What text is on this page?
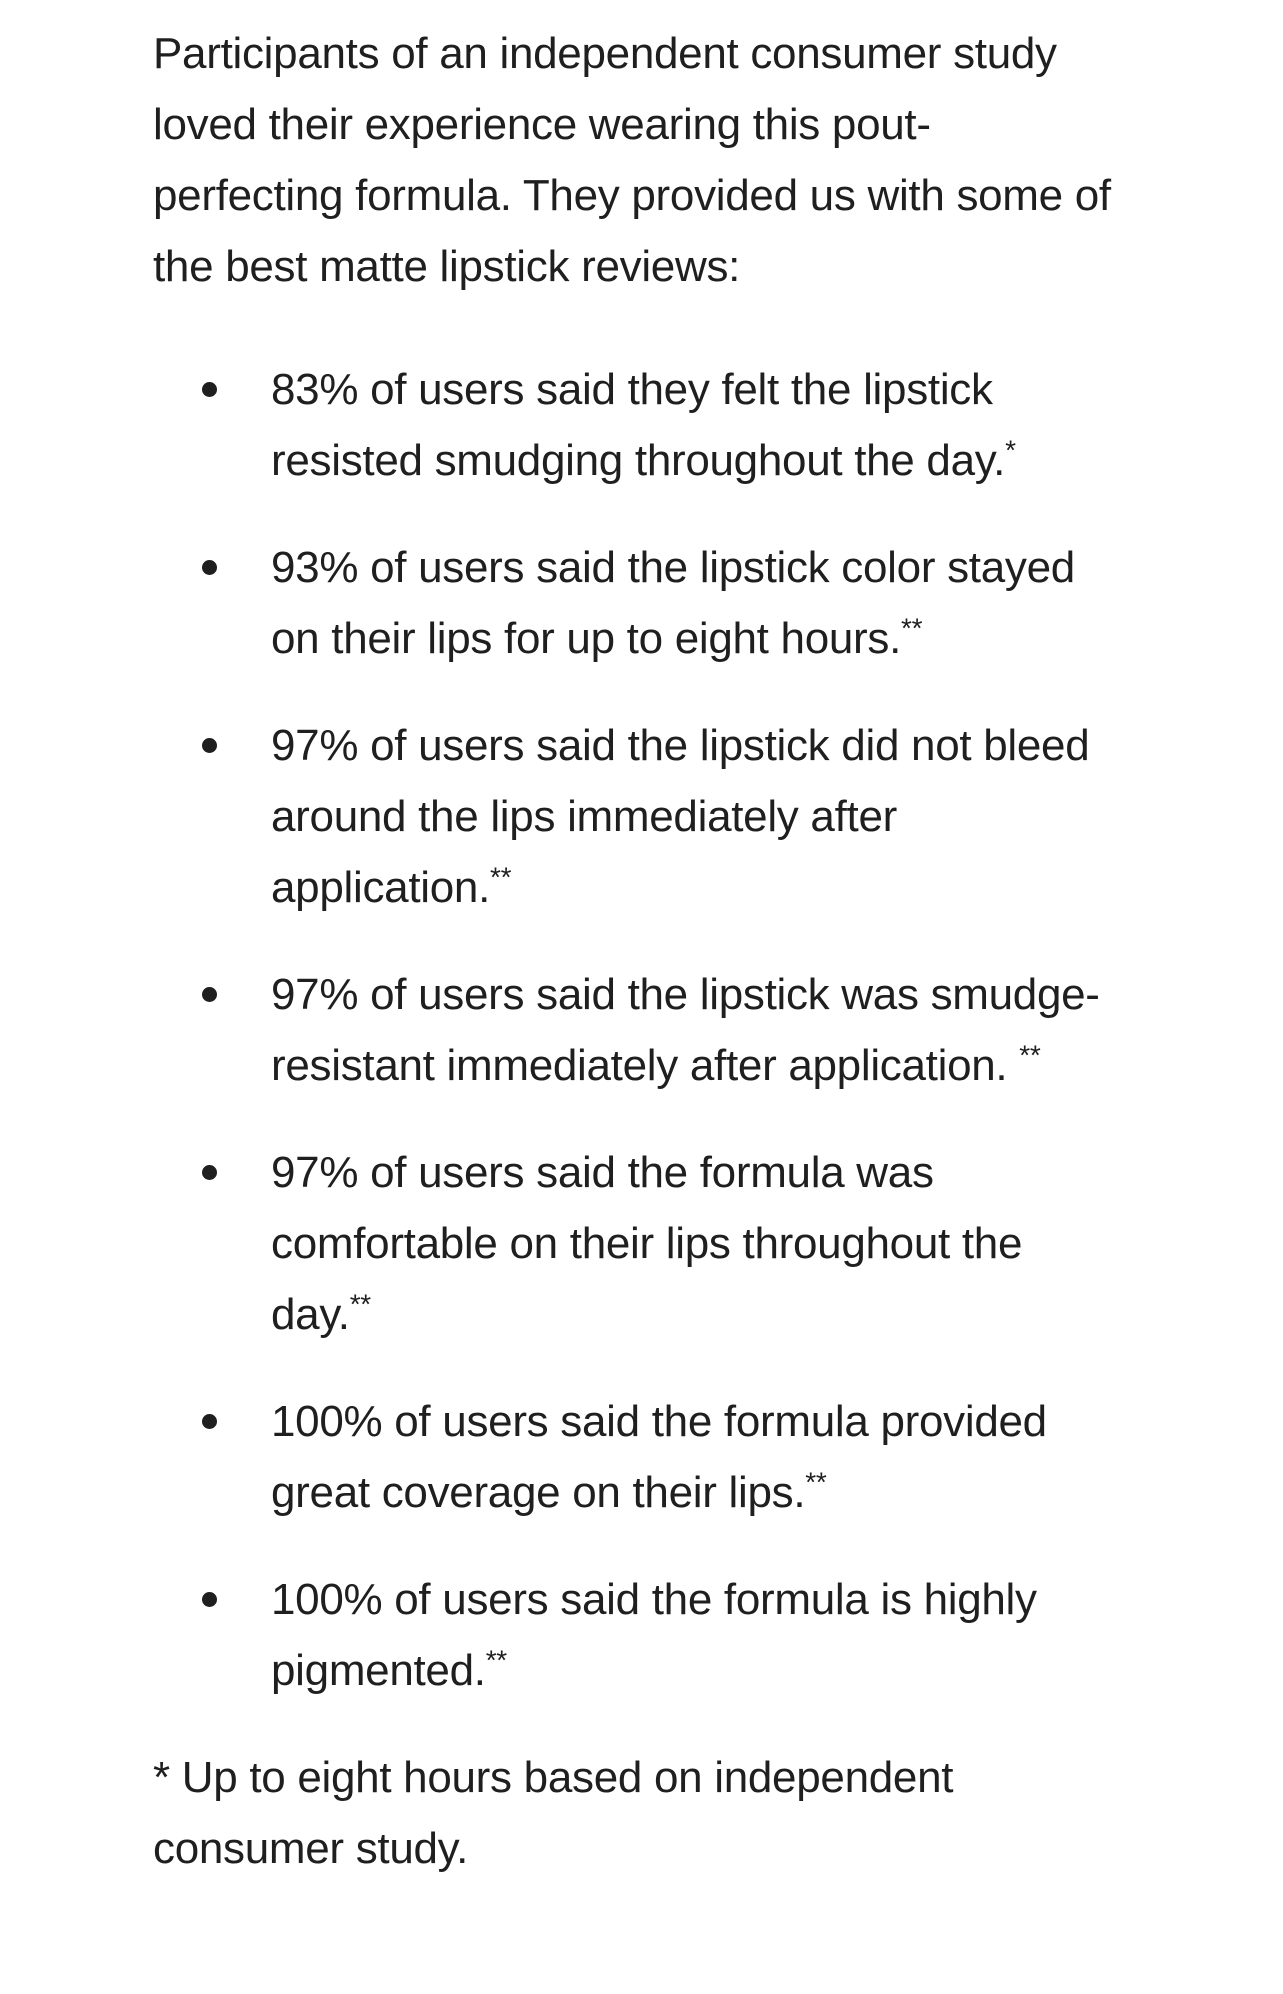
Participants of an independent consumer study loved their experience wearing this pout-perfecting formula. They provided us with some of the best matte lipstick reviews:

83% of users said they felt the lipstick resisted smudging throughout the day.*
93% of users said the lipstick color stayed on their lips for up to eight hours.**
97% of users said the lipstick did not bleed around the lips immediately after application.**
97% of users said the lipstick was smudge-resistant immediately after application. **
97% of users said the formula was comfortable on their lips throughout the day.**
100% of users said the formula provided great coverage on their lips.**
100% of users said the formula is highly pigmented.**

* Up to eight hours based on independent consumer study.
